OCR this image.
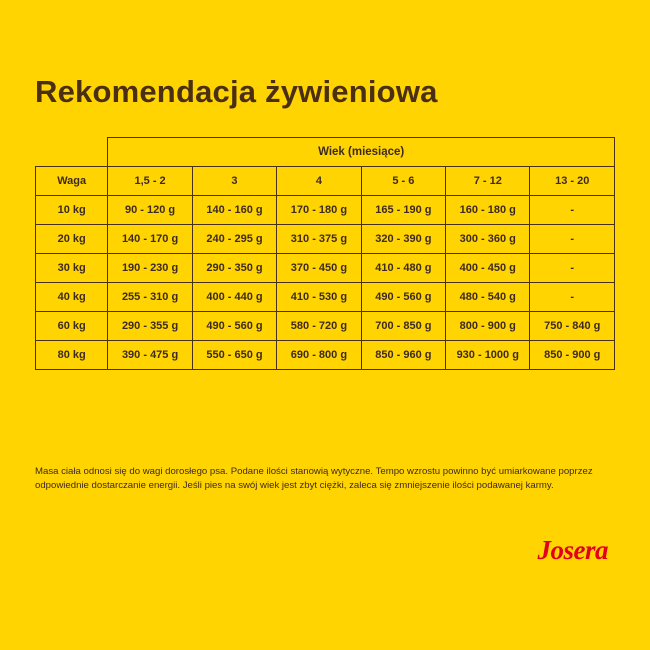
Rekomendacja żywieniowa
	Wiek (miesiące)					
Waga	1,5 - 2	3	4	5 - 6	7 - 12	13 - 20
10 kg	90 - 120 g	140 - 160 g	170 - 180 g	165 - 190 g	160 - 180 g	-
20 kg	140 - 170 g	240 - 295 g	310 - 375 g	320 - 390 g	300 - 360 g	-
30 kg	190 - 230 g	290 - 350 g	370 - 450 g	410 - 480 g	400 - 450 g	-
40 kg	255 - 310 g	400 - 440 g	410 - 530 g	490 - 560 g	480 - 540 g	-
60 kg	290 - 355 g	490 - 560 g	580 - 720 g	700 - 850 g	800 - 900 g	750 - 840 g
80 kg	390 - 475 g	550 - 650 g	690 - 800 g	850 - 960 g	930 - 1000 g	850 - 900 g

Masa ciała odnosi się do wagi dorosłego psa. Podane ilości stanowią wytyczne. Tempo wzrostu powinno być umiarkowane poprzez odpowiednie dostarczanie energii. Jeśli pies na swój wiek jest zbyt ciężki, zaleca się zmniejszenie ilości podawanej karmy.

Josera
